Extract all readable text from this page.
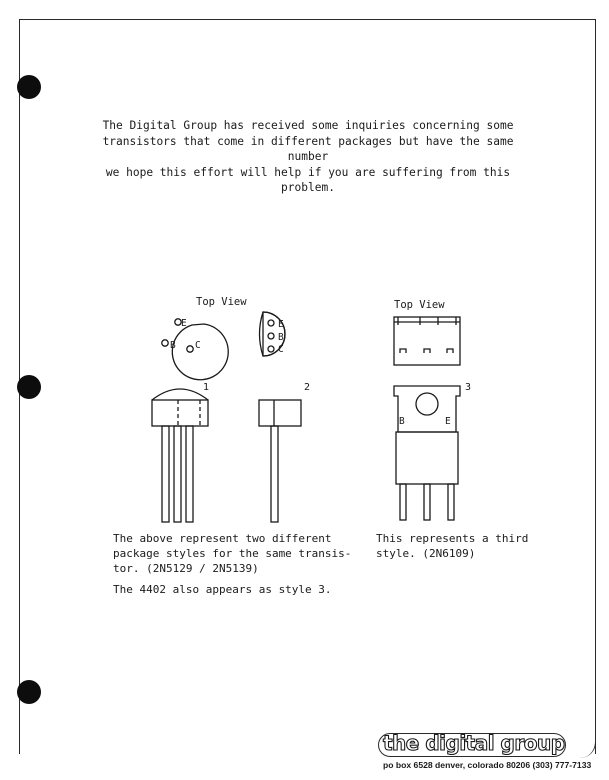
The Digital Group has received some inquiries concerning some
transistors that come in different packages but have the same number
we hope this effort will help if you are suffering from this problem.

Top View	Top View

E
B C
E
B
C
B	E
1	2	3
The above represent two different
package styles for the same transis-
tor. (2N5129 / 2N5139)
This represents a third
style. (2N6109)

The 4402 also appears as style 3.

the digital group

po box 6528 denver, colorado 80206 (303) 777-7133
